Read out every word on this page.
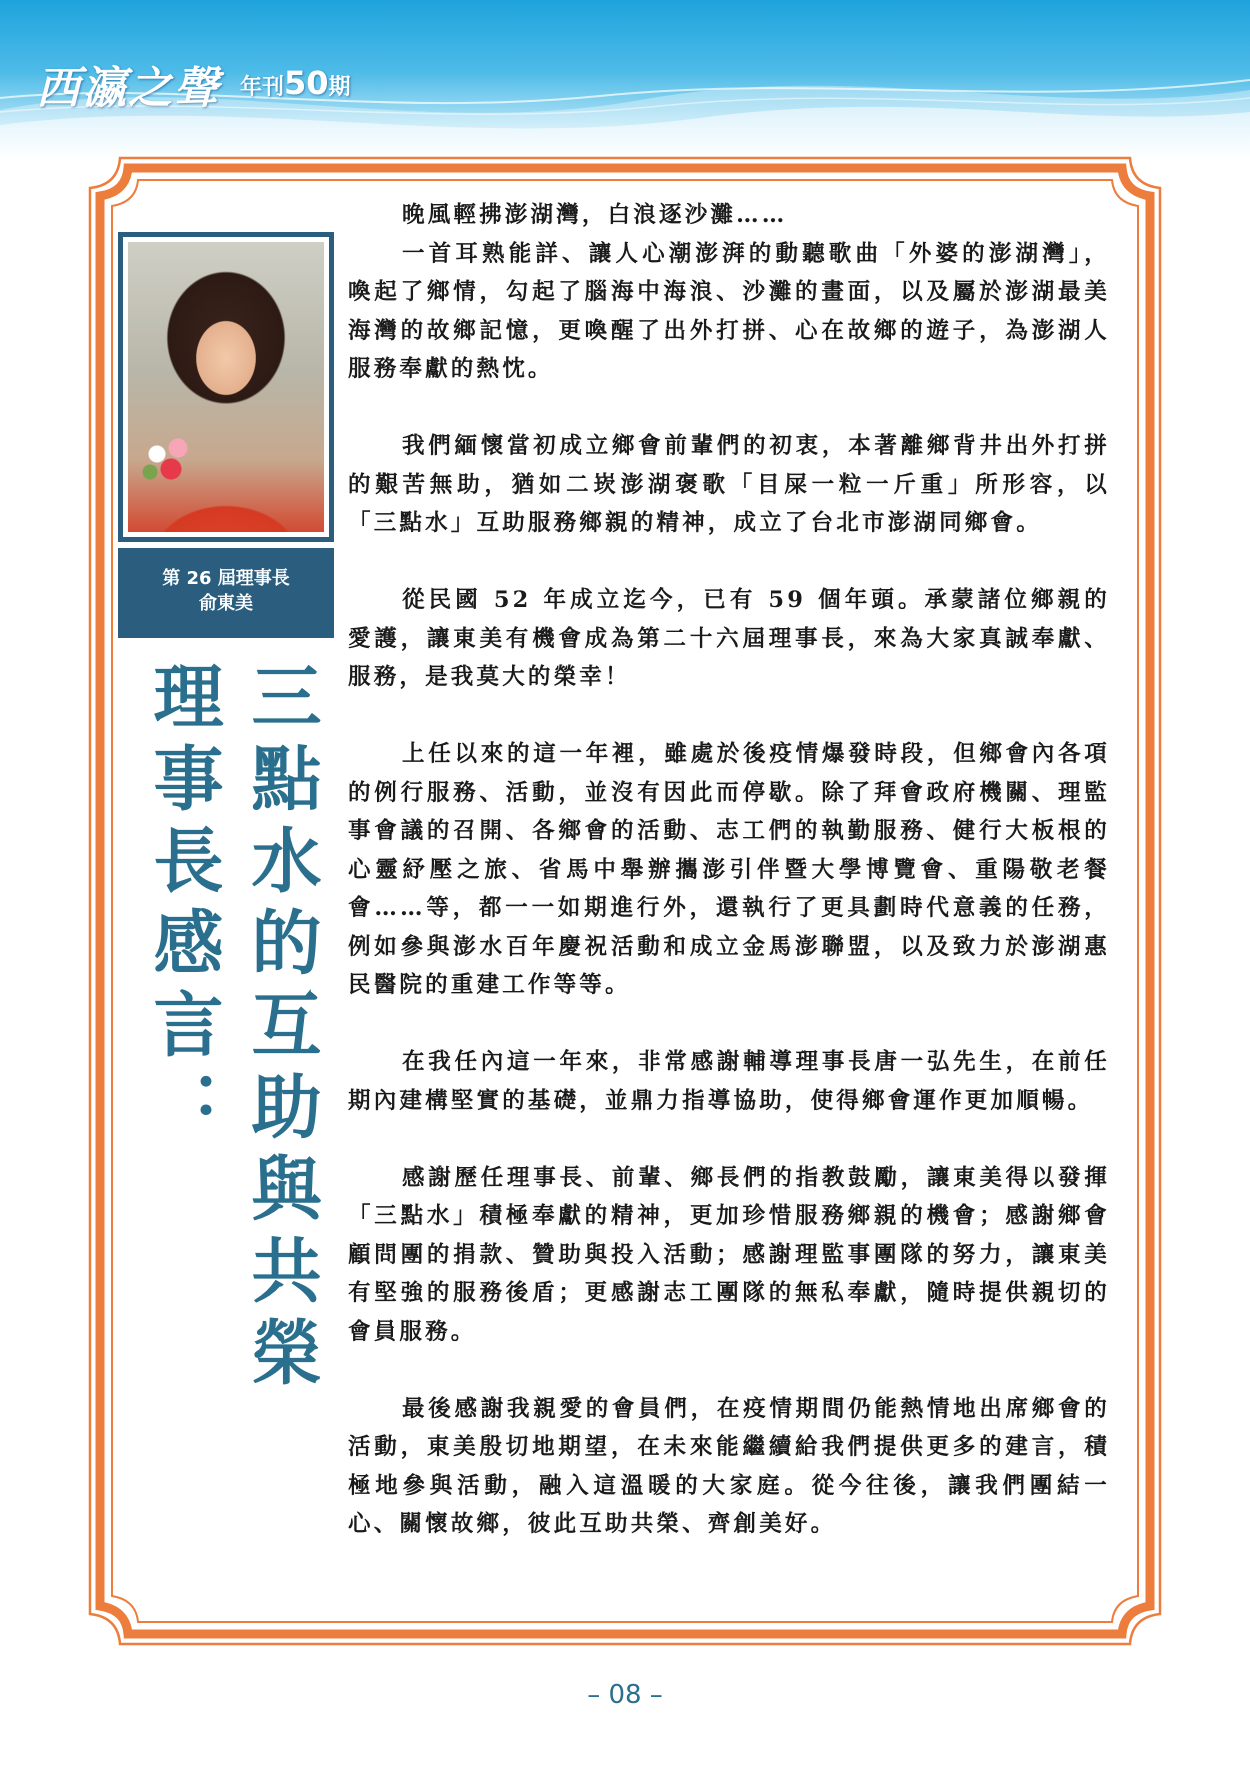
西瀛之聲 年刊50期
第 26 屆理事長
俞東美
三點水的互助與共榮
理事長感言：

晚風輕拂澎湖灣，白浪逐沙灘……

一首耳熟能詳、讓人心潮澎湃的動聽歌曲「外婆的澎湖灣」，喚起了鄉情，勾起了腦海中海浪、沙灘的畫面，以及屬於澎湖最美海灣的故鄉記憶，更喚醒了出外打拼、心在故鄉的遊子，為澎湖人服務奉獻的熱忱。

我們緬懷當初成立鄉會前輩們的初衷，本著離鄉背井出外打拼的艱苦無助，猶如二崁澎湖褒歌「目屎一粒一斤重」所形容，以「三點水」互助服務鄉親的精神，成立了台北市澎湖同鄉會。

從民國 52 年成立迄今，已有 59 個年頭。承蒙諸位鄉親的愛護，讓東美有機會成為第二十六屆理事長，來為大家真誠奉獻、服務，是我莫大的榮幸！

上任以來的這一年裡，雖處於後疫情爆發時段，但鄉會內各項的例行服務、活動，並沒有因此而停歇。除了拜會政府機關、理監事會議的召開、各鄉會的活動、志工們的執勤服務、健行大板根的心靈紓壓之旅、省馬中舉辦攜澎引伴暨大學博覽會、重陽敬老餐會……等，都一一如期進行外，還執行了更具劃時代意義的任務，例如參與澎水百年慶祝活動和成立金馬澎聯盟，以及致力於澎湖惠民醫院的重建工作等等。

在我任內這一年來，非常感謝輔導理事長唐一弘先生，在前任期內建構堅實的基礎，並鼎力指導協助，使得鄉會運作更加順暢。

感謝歷任理事長、前輩、鄉長們的指教鼓勵，讓東美得以發揮「三點水」積極奉獻的精神，更加珍惜服務鄉親的機會；感謝鄉會顧問團的捐款、贊助與投入活動；感謝理監事團隊的努力，讓東美有堅強的服務後盾；更感謝志工團隊的無私奉獻，隨時提供親切的會員服務。

最後感謝我親愛的會員們，在疫情期間仍能熱情地出席鄉會的活動，東美殷切地期望，在未來能繼續給我們提供更多的建言，積極地參與活動，融入這溫暖的大家庭。從今往後，讓我們團結一心、關懷故鄉，彼此互助共榮、齊創美好。

– 08 –
